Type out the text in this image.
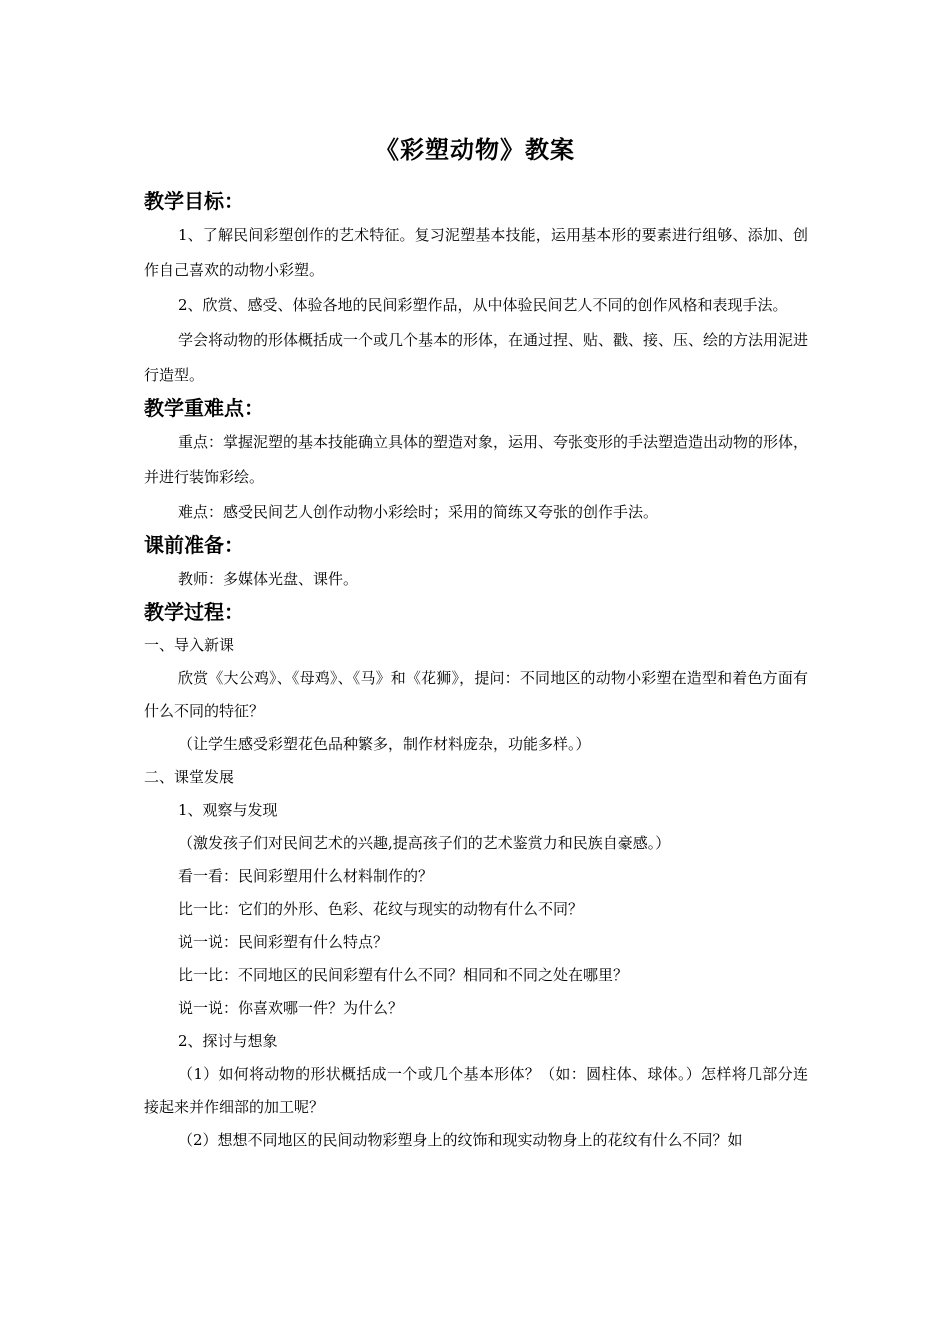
《彩塑动物》教案
教学目标：

1、了解民间彩塑创作的艺术特征。复习泥塑基本技能，运用基本形的要素进行组够、添加、创作自己喜欢的动物小彩塑。

2、欣赏、感受、体验各地的民间彩塑作品，从中体验民间艺人不同的创作风格和表现手法。

学会将动物的形体概括成一个或几个基本的形体，在通过捏、贴、戳、接、压、绘的方法用泥进行造型。

教学重难点：

重点：掌握泥塑的基本技能确立具体的塑造对象，运用、夸张变形的手法塑造造出动物的形体，并进行装饰彩绘。

难点：感受民间艺人创作动物小彩绘时；采用的简练又夸张的创作手法。

课前准备：

教师：多媒体光盘、课件。

教学过程：

一、导入新课

欣赏《大公鸡》、《母鸡》、《马》和《花狮》，提问：不同地区的动物小彩塑在造型和着色方面有什么不同的特征？

（让学生感受彩塑花色品种繁多，制作材料庞杂，功能多样。）

二、课堂发展

1、观察与发现

（激发孩子们对民间艺术的兴趣,提高孩子们的艺术鉴赏力和民族自豪感。）

看一看：民间彩塑用什么材料制作的？

比一比：它们的外形、色彩、花纹与现实的动物有什么不同？

说一说：民间彩塑有什么特点？

比一比：不同地区的民间彩塑有什么不同？相同和不同之处在哪里？

说一说：你喜欢哪一件？为什么？

2、探讨与想象

（1）如何将动物的形状概括成一个或几个基本形体？（如：圆柱体、球体。）怎样将几部分连接起来并作细部的加工呢？

（2）想想不同地区的民间动物彩塑身上的纹饰和现实动物身上的花纹有什么不同？如
